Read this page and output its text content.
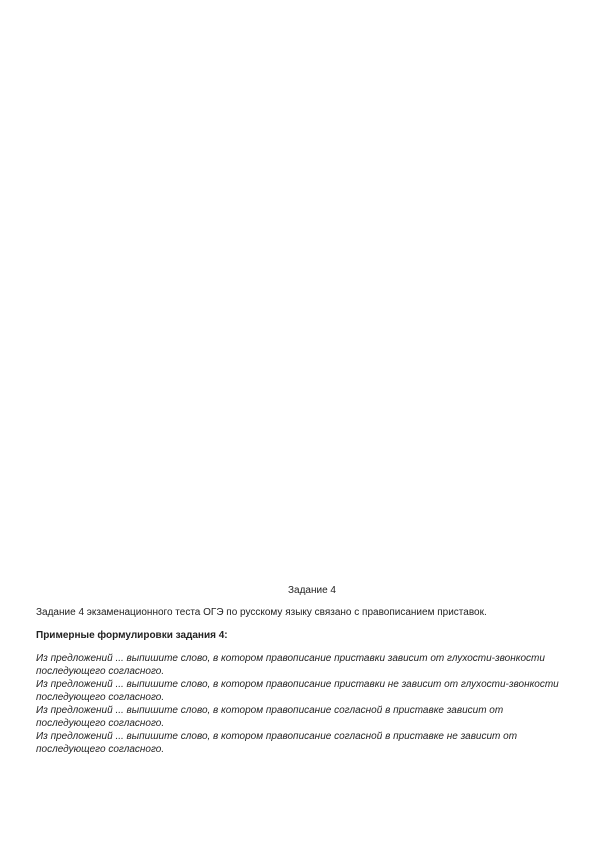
Задание 4
Задание 4 экзаменационного теста ОГЭ по русскому языку связано с правописанием приставок.
Примерные формулировки задания 4:
Из предложений ... выпишите слово, в котором правописание приставки зависит от глухости-звонкости последующего согласного.
Из предложений ... выпишите слово, в котором правописание приставки не зависит от глухости-звонкости последующего согласного.
Из предложений ... выпишите слово, в котором правописание согласной в приставке зависит от последующего согласного.
Из предложений ... выпишите слово, в котором правописание согласной в приставке не зависит от последующего согласного.
